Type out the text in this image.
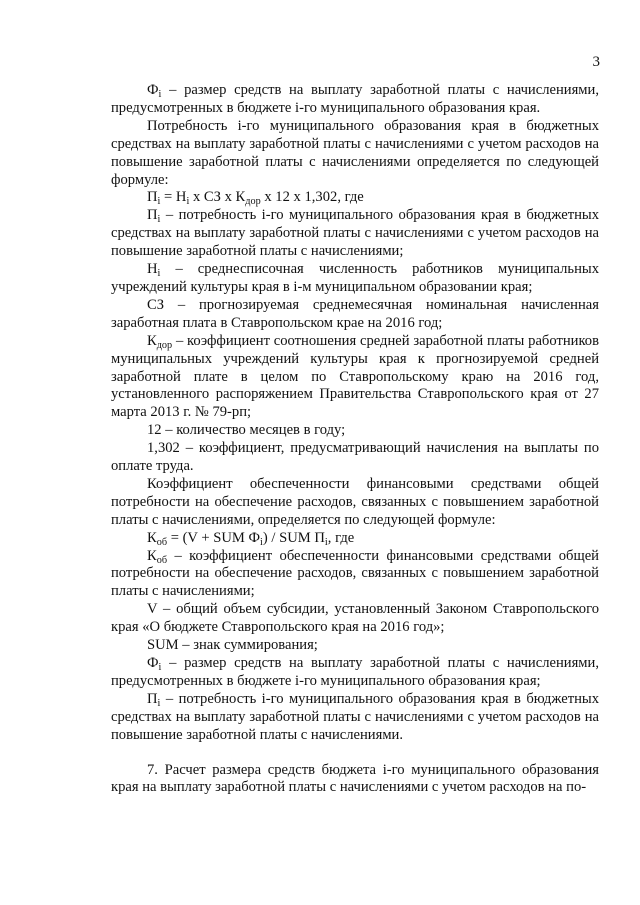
3

$Ф_i$ – размер средств на выплату заработной платы с начислениями, предусмотренных в бюджете i-го муниципального образования края.

Потребность i-го муниципального образования края в бюджетных средствах на выплату заработной платы с начислениями с учетом расходов на повышение заработной платы с начислениями определяется по следующей формуле:

$П_i = Н_i$ х СЗ х $К_{дор}$ х 12 х 1,302, где

$П_i$ – потребность i-го муниципального образования края в бюджетных средствах на выплату заработной платы с начислениями с учетом расходов на повышение заработной платы с начислениями;

$Н_i$ – среднесписочная численность работников муниципальных учреждений культуры края в i-м муниципальном образовании края;

СЗ – прогнозируемая среднемесячная номинальная начисленная заработная плата в Ставропольском крае на 2016 год;

$К_{дор}$ – коэффициент соотношения средней заработной платы работников муниципальных учреждений культуры края к прогнозируемой средней заработной плате в целом по Ставропольскому краю на 2016 год, установленного распоряжением Правительства Ставропольского края от 27 марта 2013 г. № 79-рп;

12 – количество месяцев в году;

1,302 – коэффициент, предусматривающий начисления на выплаты по оплате труда.

Коэффициент обеспеченности финансовыми средствами общей потребности на обеспечение расходов, связанных с повышением заработной платы с начислениями, определяется по следующей формуле:

$К_{об} = (V$ + SUM $Ф_i$) / SUM $П_i$, где

$К_{об}$ – коэффициент обеспеченности финансовыми средствами общей потребности на обеспечение расходов, связанных с повышением заработной платы с начислениями;

V – общий объем субсидии, установленный Законом Ставропольского края «О бюджете Ставропольского края на 2016 год»;

SUM – знак суммирования;

$Ф_i$ – размер средств на выплату заработной платы с начислениями, предусмотренных в бюджете i-го муниципального образования края;

$П_i$ – потребность i-го муниципального образования края в бюджетных средствах на выплату заработной платы с начислениями с учетом расходов на повышение заработной платы с начислениями.

7. Расчет размера средств бюджета i-го муниципального образования края на выплату заработной платы с начислениями с учетом расходов на по-
